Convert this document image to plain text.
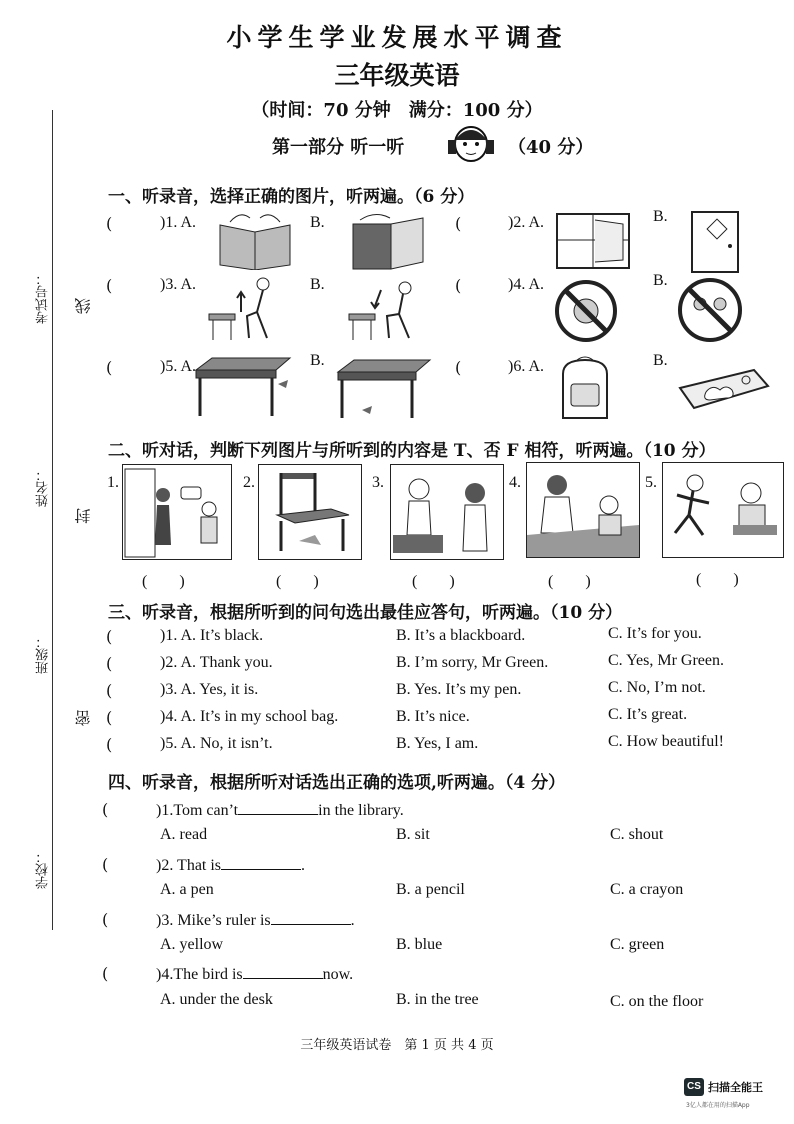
小学生学业发展水平调查
三年级英语
（时间：70 分钟　满分：100 分）
第一部分 听一听	（40 分）
考试号：
姓名：
班级：
学校：
线
封
密
一、听录音，选择正确的图片，听两遍。（6 分）
(	)1. A.	B.	(	)2. A.	B.
(	)3. A.	B.	(	)4. A.	B.
(	)5. A.	B.	(	)6. A.	B.
二、听对话，判断下列图片与所听到的内容是 T、否 F 相符，听两遍。（10 分）
1.	2.	3.	4.	5.
(　　)	(　　)	(　　)	(　　)	(　　)
三、听录音，根据所听到的问句选出最佳应答句，听两遍。（10 分）
(	)1. A. It’s black.	B. It’s a blackboard.	C. It’s for you.
(	)2. A. Thank you.	B. I’m sorry, Mr Green.	C. Yes, Mr Green.
(	)3. A. Yes, it is.	B. Yes. It’s my pen.	C. No, I’m not.
(	)4. A. It’s in my school bag.	B. It’s nice.	C. It’s great.
(	)5. A. No, it isn’t.	B. Yes, I am.	C. How beautiful!
四、听录音，根据所听对话选出正确的选项,听两遍。（4 分）
(	)1.Tom can’t	in the library.
A. read	B. sit	C. shout
(	)2. That is	.
A. a pen	B. a pencil	C. a crayon
(	)3. Mike’s ruler is	.
A. yellow	B. blue	C. green
(	)4.The bird is	now.
A. under the desk	B. in the tree	C. on the floor
三年级英语试卷　第 1 页 共 4 页
CS 扫描全能王
3亿人都在用的扫描App
